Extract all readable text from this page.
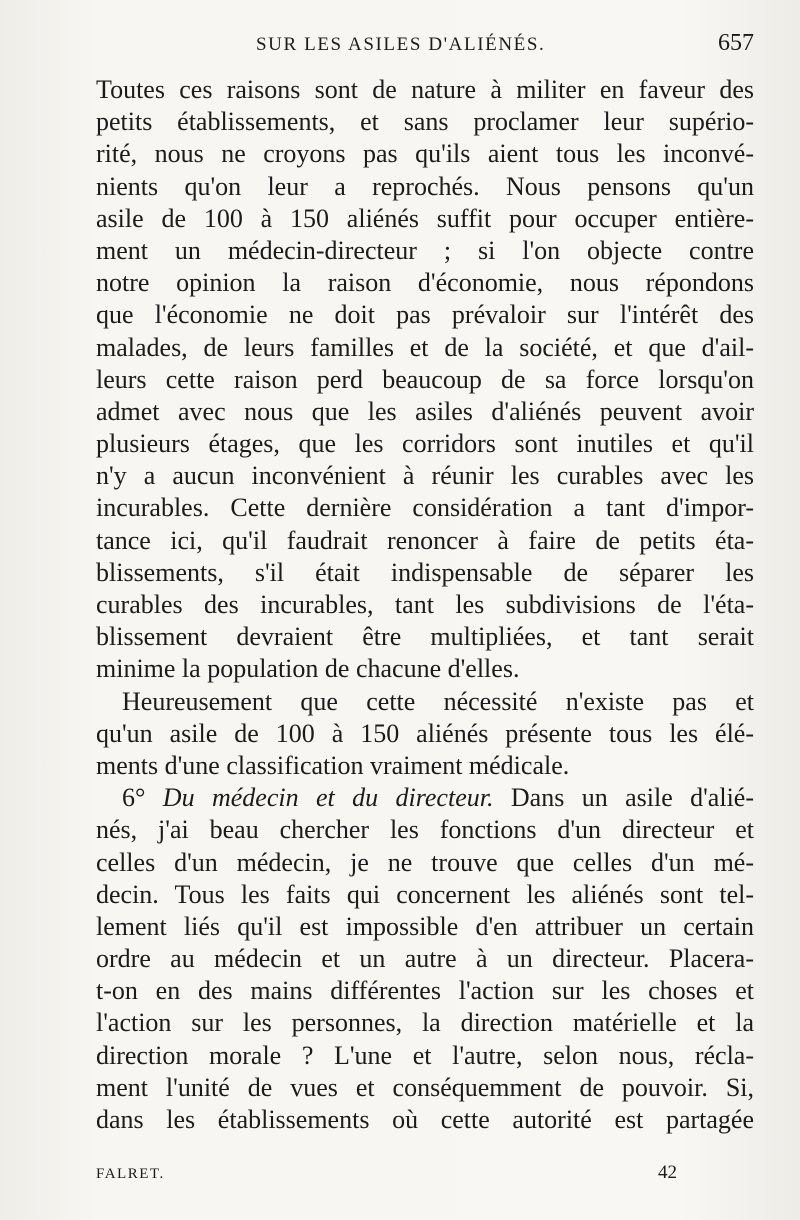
SUR LES ASILES D'ALIÉNÉS.	657
Toutes ces raisons sont de nature à militer en faveur des
petits établissements, et sans proclamer leur supério-
rité, nous ne croyons pas qu'ils aient tous les inconvé-
nients qu'on leur a reprochés. Nous pensons qu'un
asile de 100 à 150 aliénés suffit pour occuper entière-
ment un médecin-directeur ; si l'on objecte contre
notre opinion la raison d'économie, nous répondons
que l'économie ne doit pas prévaloir sur l'intérêt des
malades, de leurs familles et de la société, et que d'ail-
leurs cette raison perd beaucoup de sa force lorsqu'on
admet avec nous que les asiles d'aliénés peuvent avoir
plusieurs étages, que les corridors sont inutiles et qu'il
n'y a aucun inconvénient à réunir les curables avec les
incurables. Cette dernière considération a tant d'impor-
tance ici, qu'il faudrait renoncer à faire de petits éta-
blissements, s'il était indispensable de séparer les
curables des incurables, tant les subdivisions de l'éta-
blissement devraient être multipliées, et tant serait
minime la population de chacune d'elles.
Heureusement que cette nécessité n'existe pas et
qu'un asile de 100 à 150 aliénés présente tous les élé-
ments d'une classification vraiment médicale.
6° Du médecin et du directeur. Dans un asile d'alié-
nés, j'ai beau chercher les fonctions d'un directeur et
celles d'un médecin, je ne trouve que celles d'un mé-
decin. Tous les faits qui concernent les aliénés sont tel-
lement liés qu'il est impossible d'en attribuer un certain
ordre au médecin et un autre à un directeur. Placera-
t-on en des mains différentes l'action sur les choses et
l'action sur les personnes, la direction matérielle et la
direction morale ? L'une et l'autre, selon nous, récla-
ment l'unité de vues et conséquemment de pouvoir. Si,
dans les établissements où cette autorité est partagée
FALRET.	42
